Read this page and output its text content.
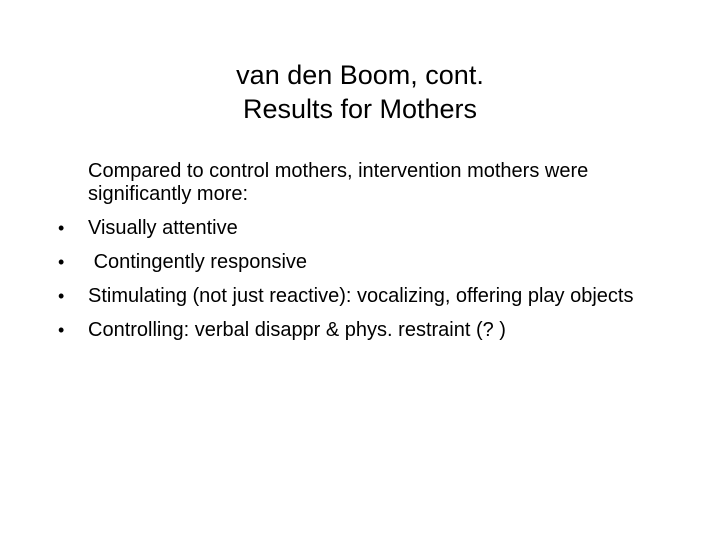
van den Boom, cont.
Results for Mothers
Compared to control mothers, intervention mothers were significantly more:
• Visually attentive
• Contingently responsive
• Stimulating (not just reactive): vocalizing, offering play objects
• Controlling: verbal disappr & phys. restraint (? )
